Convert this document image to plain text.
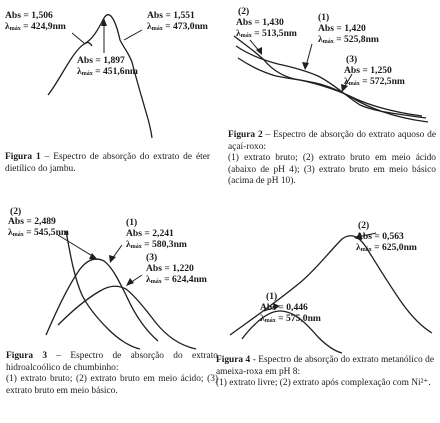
Abs = 1,506
$\lambda_{máx} = 424,9nm$
Abs = 1,551
$\lambda_{máx} = 473,0nm$
Abs = 1,897
$\lambda_{máx} = 451,6nm$
Figura 1 – Espectro de absorção do extrato de éter dietílico do jambu.
(2)
Abs = 1,430
$\lambda_{máx} = 513,5nm$
(1)
Abs = 1,420
$\lambda_{máx} = 525,8nm$
(3)
Abs = 1,250
$\lambda_{máx} = 572,5nm$
Figura 2 – Espectro de absorção do extrato aquoso de açaí-roxo:
(1) extrato bruto; (2) extrato bruto em meio ácido (abaixo de pH 4); (3) extrato bruto em meio básico (acima de pH 10).
(2)
Abs = 2,489
$\lambda_{máx} = 545,5nm$
(1)
Abs = 2,241
$\lambda_{máx} = 580,3nm$
(3)
Abs = 1,220
$\lambda_{máx} = 624,4nm$
Figura 3 – Espectro de absorção do extrato hidroalcoólico de chumbinho:
(1) extrato bruto; (2) extrato bruto em meio ácido; (3) extrato bruto em meio básico.
(2)
Abs = 0,563
$\lambda_{máx} = 625,0nm$
(1)
Abs = 0,446
$\lambda_{máx} = 575,0nm$
Figura 4 - Espectro de absorção do extrato metanólico de ameixa-roxa em pH 8:
(1) extrato livre; (2) extrato após complexação com Ni²⁺.
